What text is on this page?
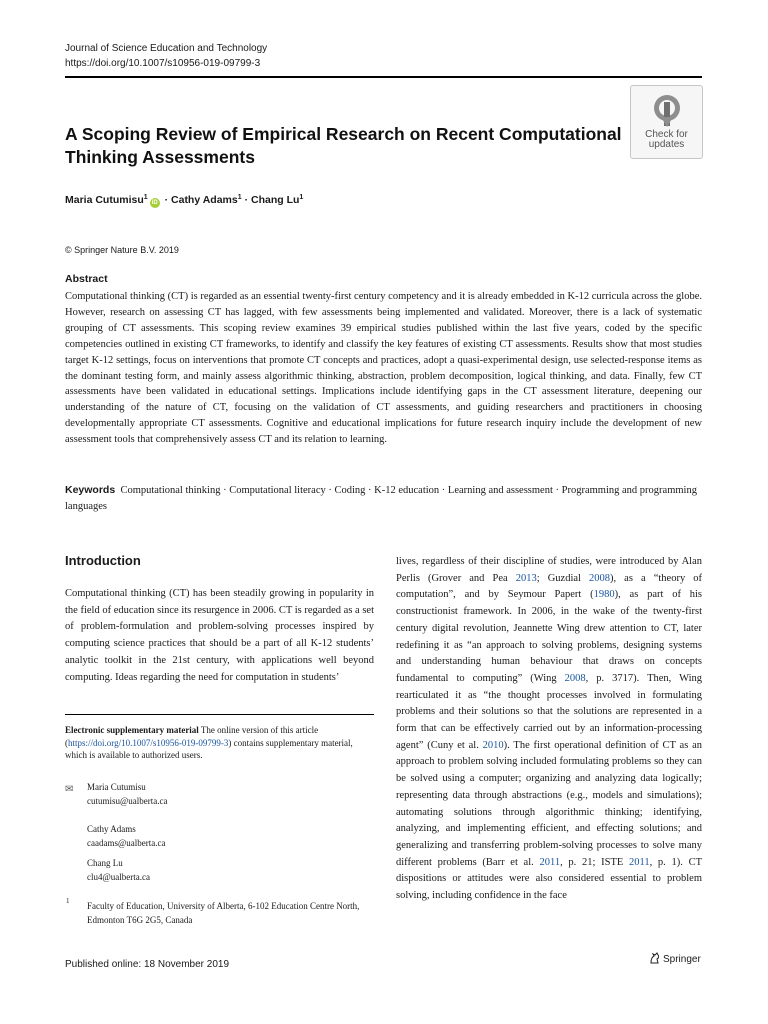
Journal of Science Education and Technology
https://doi.org/10.1007/s10956-019-09799-3
A Scoping Review of Empirical Research on Recent Computational Thinking Assessments
Check for
updates
Maria Cutumisu$^1$iD · Cathy Adams$^1$ · Chang Lu$^1$
© Springer Nature B.V. 2019
Abstract
Computational thinking (CT) is regarded as an essential twenty-first century competency and it is already embedded in K-12 curricula across the globe. However, research on assessing CT has lagged, with few assessments being implemented and validated. Moreover, there is a lack of systematic grouping of CT assessments. This scoping review examines 39 empirical studies published within the last five years, coded by the specific competencies outlined in existing CT frameworks, to identify and classify the key features of existing CT assessments. Results show that most studies target K-12 settings, focus on interventions that promote CT concepts and practices, adopt a quasi-experimental design, use selected-response items as the dominant testing form, and mainly assess algorithmic thinking, abstraction, problem decomposition, logical thinking, and data. Finally, few CT assessments have been validated in educational settings. Implications include identifying gaps in the CT assessment literature, deepening our understanding of the nature of CT, focusing on the validation of CT assessments, and guiding researchers and practitioners in choosing developmentally appropriate CT assessments. Cognitive and educational implications for future research inquiry include the development of new assessment tools that comprehensively assess CT and its relation to learning.
Keywords Computational thinking · Computational literacy · Coding · K-12 education · Learning and assessment · Programming and programming languages
Introduction
Computational thinking (CT) has been steadily growing in popularity in the field of education since its resurgence in 2006. CT is regarded as a set of problem-formulation and problem-solving processes inspired by computing science practices that should be a part of all K-12 students’ analytic toolkit in the 21st century, with applications well beyond computing. Ideas regarding the need for computation in students’
Electronic supplementary material The online version of this article (https://doi.org/10.1007/s10956-019-09799-3) contains supplementary material, which is available to authorized users.
✉ Maria Cutumisu
cutumisu@ualberta.ca
Cathy Adams
caadams@ualberta.ca
Chang Lu
clu4@ualberta.ca
1 Faculty of Education, University of Alberta, 6-102 Education Centre North, Edmonton T6G 2G5, Canada
Published online: 18 November 2019	Springer
lives, regardless of their discipline of studies, were introduced by Alan Perlis (Grover and Pea 2013; Guzdial 2008), as a “theory of computation”, and by Seymour Papert (1980), as part of his constructionist framework. In 2006, in the wake of the twenty-first century digital revolution, Jeannette Wing drew attention to CT, later redefining it as “an approach to solving problems, designing systems and understanding human behaviour that draws on concepts fundamental to computing” (Wing 2008, p. 3717). Then, Wing rearticulated it as “the thought processes involved in formulating problems and their solutions so that the solutions are represented in a form that can be effectively carried out by an information-processing agent” (Cuny et al. 2010). The first operational definition of CT as an approach to problem solving included formulating problems so they can be solved using a computer; organizing and analyzing data logically; representing data through abstractions (e.g., models and simulations); automating solutions through algorithmic thinking; identifying, analyzing, and implementing efficient, and effecting solutions; and generalizing and transferring problem-solving processes to solve many different problems (Barr et al. 2011, p. 21; ISTE 2011, p. 1). CT dispositions or attitudes were also considered essential to problem solving, including confidence in the face
